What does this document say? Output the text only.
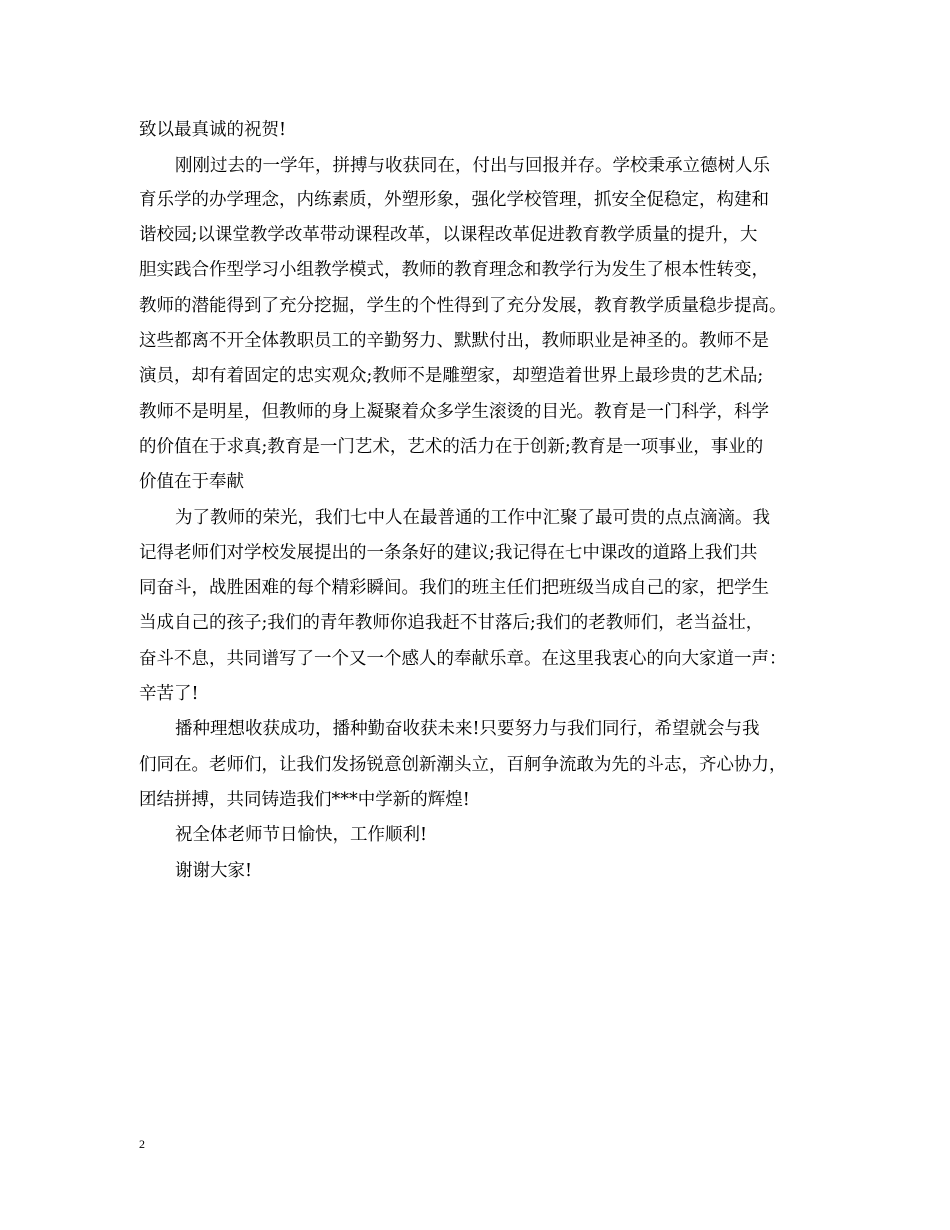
致以最真诚的祝贺!
刚刚过去的一学年，拼搏与收获同在，付出与回报并存。学校秉承立德树人乐
育乐学的办学理念，内练素质，外塑形象，强化学校管理，抓安全促稳定，构建和
谐校园;以课堂教学改革带动课程改革，以课程改革促进教育教学质量的提升，大
胆实践合作型学习小组教学模式，教师的教育理念和教学行为发生了根本性转变，
教师的潜能得到了充分挖掘，学生的个性得到了充分发展，教育教学质量稳步提高。
这些都离不开全体教职员工的辛勤努力、默默付出，教师职业是神圣的。教师不是
演员，却有着固定的忠实观众;教师不是雕塑家，却塑造着世界上最珍贵的艺术品;
教师不是明星，但教师的身上凝聚着众多学生滚烫的目光。教育是一门科学，科学
的价值在于求真;教育是一门艺术，艺术的活力在于创新;教育是一项事业，事业的
价值在于奉献
为了教师的荣光，我们七中人在最普通的工作中汇聚了最可贵的点点滴滴。我
记得老师们对学校发展提出的一条条好的建议;我记得在七中课改的道路上我们共
同奋斗，战胜困难的每个精彩瞬间。我们的班主任们把班级当成自己的家，把学生
当成自己的孩子;我们的青年教师你追我赶不甘落后;我们的老教师们，老当益壮，
奋斗不息，共同谱写了一个又一个感人的奉献乐章。在这里我衷心的向大家道一声：
辛苦了!
播种理想收获成功，播种勤奋收获未来!只要努力与我们同行，希望就会与我
们同在。老师们，让我们发扬锐意创新潮头立，百舸争流敢为先的斗志，齐心协力，
团结拼搏，共同铸造我们***中学新的辉煌!
祝全体老师节日愉快，工作顺利!
谢谢大家!
2
